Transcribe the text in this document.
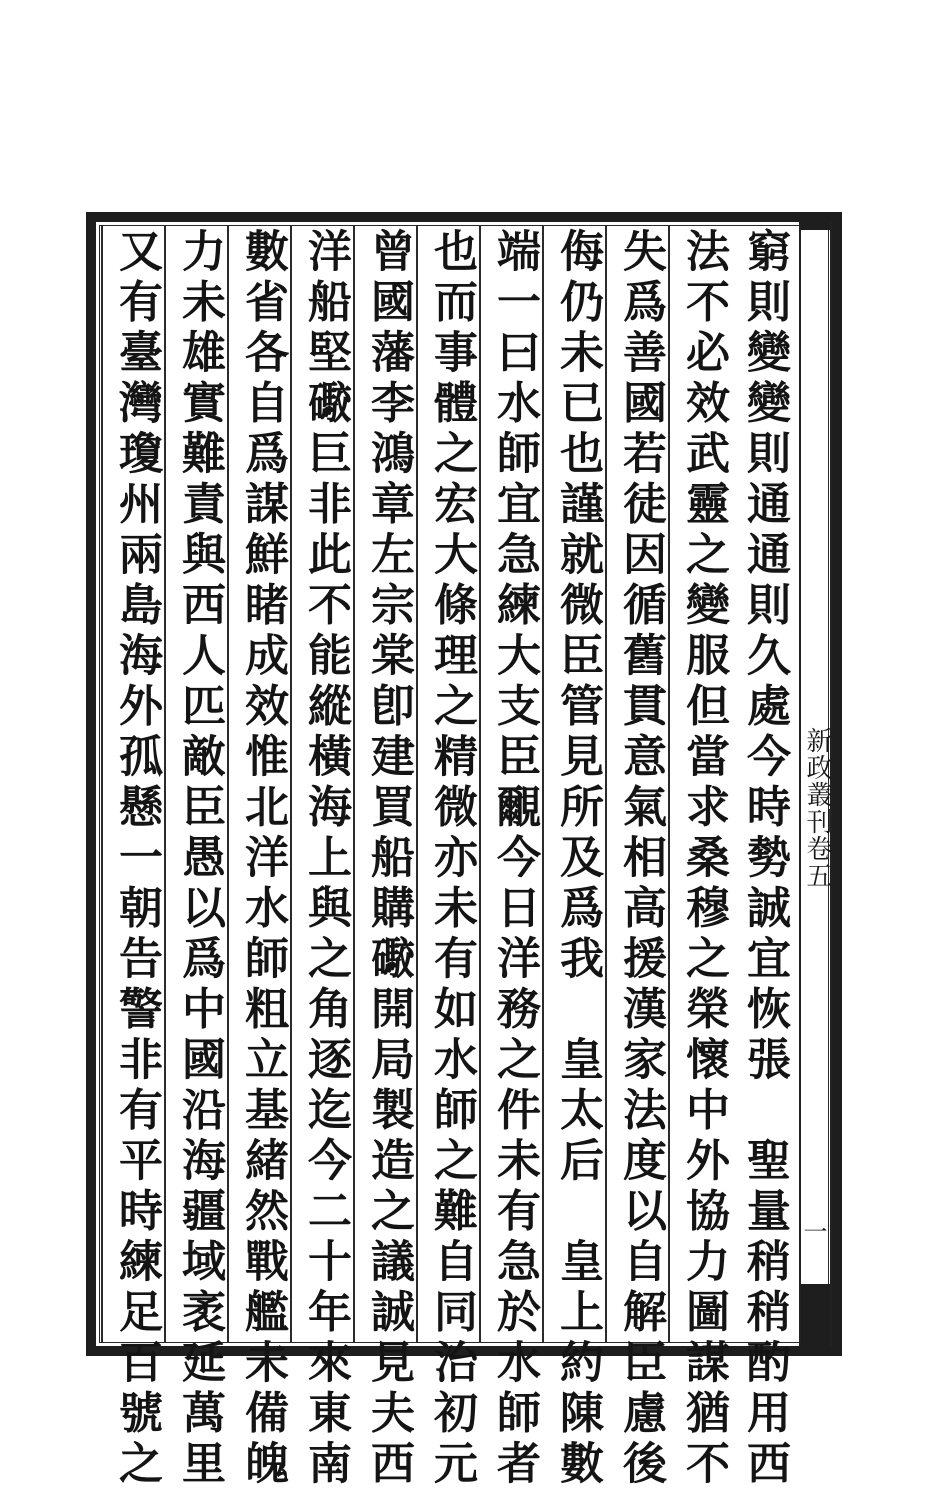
新政叢刊卷五
一
窮則變變則通通則久處今時勢誠宜恢張　聖量稍稍酌用西
法不必效武靈之變服但當求桑穆之榮懷中外協力圖謀猶不
失爲善國若徒因循舊貫意氣相高援漢家法度以自解臣慮後
侮仍未已也謹就微臣管見所及爲我　皇太后　皇上約陳數
端一曰水師宜急練大支臣覼今日洋務之件未有急於水師者
也而事體之宏大條理之精微亦未有如水師之難自同治初元
曾國藩李鴻章左宗棠卽建買船購礮開局製造之議誠見夫西
洋船堅礮巨非此不能縱橫海上與之角逐迄今二十年來東南
數省各自爲謀鮮睹成效惟北洋水師粗立基緒然戰艦未備魄
力未雄實難責與西人匹敵臣愚以爲中國沿海疆域袤延萬里
又有臺灣瓊州兩島海外孤懸一朝告警非有平時練足百號之
